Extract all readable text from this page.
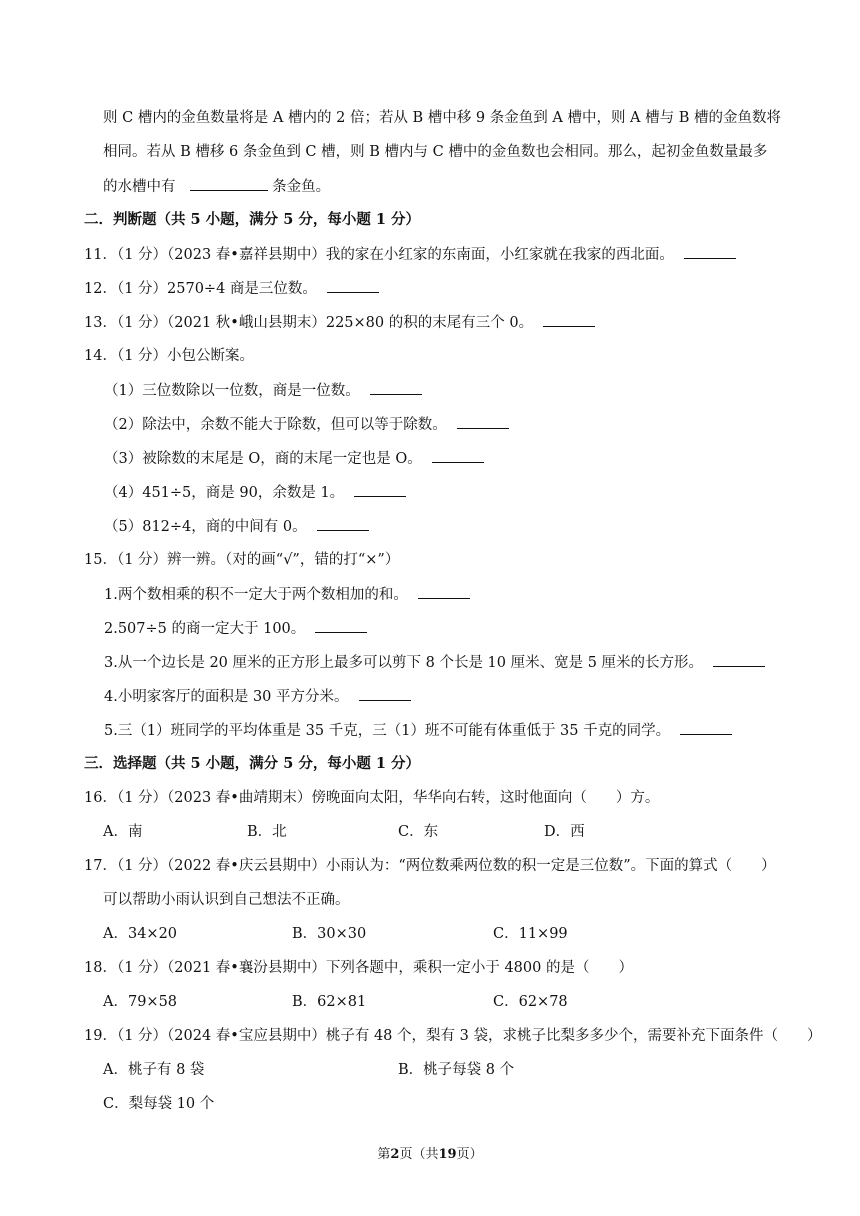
则 C 槽内的金鱼数量将是 A 槽内的 2 倍；若从 B 槽中移 9 条金鱼到 A 槽中，则 A 槽与 B 槽的金鱼数将
相同。若从 B 槽移 6 条金鱼到 C 槽，则 B 槽内与 C 槽中的金鱼数也会相同。那么，起初金鱼数量最多
的水槽中有	条金鱼。
二．判断题（共 5 小题，满分 5 分，每小题 1 分）
11．（1 分）（2023 春•嘉祥县期中）我的家在小红家的东南面，小红家就在我家的西北面。
12．（1 分）2570÷4 商是三位数。
13．（1 分）（2021 秋•峨山县期末）225×80 的积的末尾有三个 0。
14．（1 分）小包公断案。
（1）三位数除以一位数，商是一位数。
（2）除法中，余数不能大于除数，但可以等于除数。
（3）被除数的末尾是 O，商的末尾一定也是 O。
（4）451÷5，商是 90，余数是 1。
（5）812÷4，商的中间有 0。
15．（1 分）辨一辨。（对的画“√”，错的打“×”）
1.两个数相乘的积不一定大于两个数相加的和。
2.507÷5 的商一定大于 100。
3.从一个边长是 20 厘米的正方形上最多可以剪下 8 个长是 10 厘米、宽是 5 厘米的长方形。
4.小明家客厅的面积是 30 平方分米。
5.三（1）班同学的平均体重是 35 千克，三（1）班不可能有体重低于 35 千克的同学。
三．选择题（共 5 小题，满分 5 分，每小题 1 分）
16．（1 分）（2023 春•曲靖期末）傍晚面向太阳，华华向右转，这时他面向（　　）方。
A．南	B．北	C．东	D．西
17．（1 分）（2022 春•庆云县期中）小雨认为：“两位数乘两位数的积一定是三位数”。下面的算式（　　）
可以帮助小雨认识到自己想法不正确。
A．34×20	B．30×30	C．11×99
18．（1 分）（2021 春•襄汾县期中）下列各题中，乘积一定小于 4800 的是（　　）
A．79×58	B．62×81	C．62×78
19．（1 分）（2024 春•宝应县期中）桃子有 48 个，梨有 3 袋，求桃子比梨多多少个，需要补充下面条件（　　）
A．桃子有 8 袋	B．桃子每袋 8 个
C．梨每袋 10 个
第2页（共19页）
